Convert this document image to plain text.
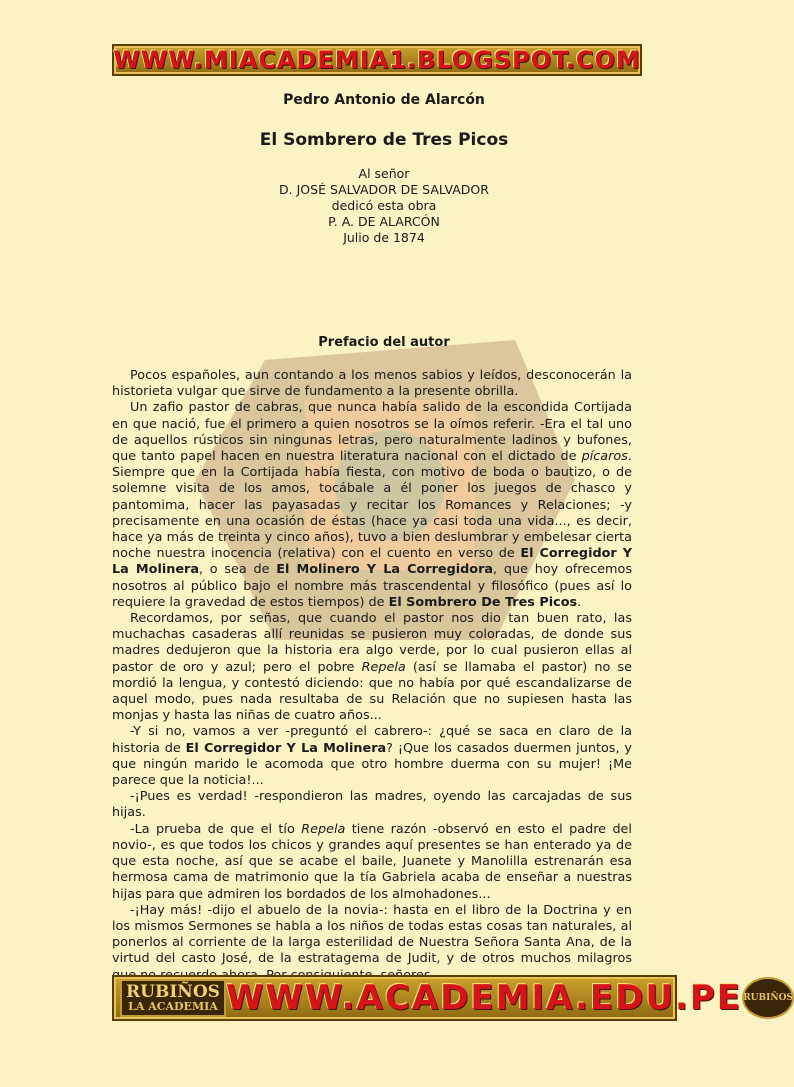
WWW.MIACADEMIA1.BLOGSPOT.COM
Pedro Antonio de Alarcón
El Sombrero de Tres Picos
Al señor
D. JOSÉ SALVADOR DE SALVADOR
dedicó esta obra
P. A. DE ALARCÓN
Julio de 1874
Prefacio del autor

Pocos españoles, aun contando a los menos sabios y leídos, desconocerán la historieta vulgar que sirve de fundamento a la presente obrilla.

Un zafio pastor de cabras, que nunca había salido de la escondida Cortijada en que nació, fue el primero a quien nosotros se la oímos referir. -Era el tal uno de aquellos rústicos sin ningunas letras, pero naturalmente ladinos y bufones, que tanto papel hacen en nuestra literatura nacional con el dictado de pícaros. Siempre que en la Cortijada había fiesta, con motivo de boda o bautizo, o de solemne visita de los amos, tocábale a él poner los juegos de chasco y pantomima, hacer las payasadas y recitar los Romances y Relaciones; -y precisamente en una ocasión de éstas (hace ya casi toda una vida..., es decir, hace ya más de treinta y cinco años), tuvo a bien deslumbrar y embelesar cierta noche nuestra inocencia (relativa) con el cuento en verso de El Corregidor Y La Molinera, o sea de El Molinero Y La Corregidora, que hoy ofrecemos nosotros al público bajo el nombre más trascendental y filosófico (pues así lo requiere la gravedad de estos tiempos) de El Sombrero De Tres Picos.

Recordamos, por señas, que cuando el pastor nos dio tan buen rato, las muchachas casaderas allí reunidas se pusieron muy coloradas, de donde sus madres dedujeron que la historia era algo verde, por lo cual pusieron ellas al pastor de oro y azul; pero el pobre Repela (así se llamaba el pastor) no se mordió la lengua, y contestó diciendo: que no había por qué escandalizarse de aquel modo, pues nada resultaba de su Relación que no supiesen hasta las monjas y hasta las niñas de cuatro años...

-Y si no, vamos a ver -preguntó el cabrero-: ¿qué se saca en claro de la historia de El Corregidor Y La Molinera? ¡Que los casados duermen juntos, y que ningún marido le acomoda que otro hombre duerma con su mujer! ¡Me parece que la noticia!...

-¡Pues es verdad! -respondieron las madres, oyendo las carcajadas de sus hijas.

-La prueba de que el tío Repela tiene razón -observó en esto el padre del novio-, es que todos los chicos y grandes aquí presentes se han enterado ya de que esta noche, así que se acabe el baile, Juanete y Manolilla estrenarán esa hermosa cama de matrimonio que la tía Gabriela acaba de enseñar a nuestras hijas para que admiren los bordados de los almohadones...

-¡Hay más! -dijo el abuelo de la novia-: hasta en el libro de la Doctrina y en los mismos Sermones se habla a los niños de todas estas cosas tan naturales, al ponerlos al corriente de la larga esterilidad de Nuestra Señora Santa Ana, de la virtud del casto José, de la estratagema de Judit, y de otros muchos milagros

RUBIÑOS
LA ACADEMIA WWW.ACADEMIA.EDU.PE RUBIÑOS
